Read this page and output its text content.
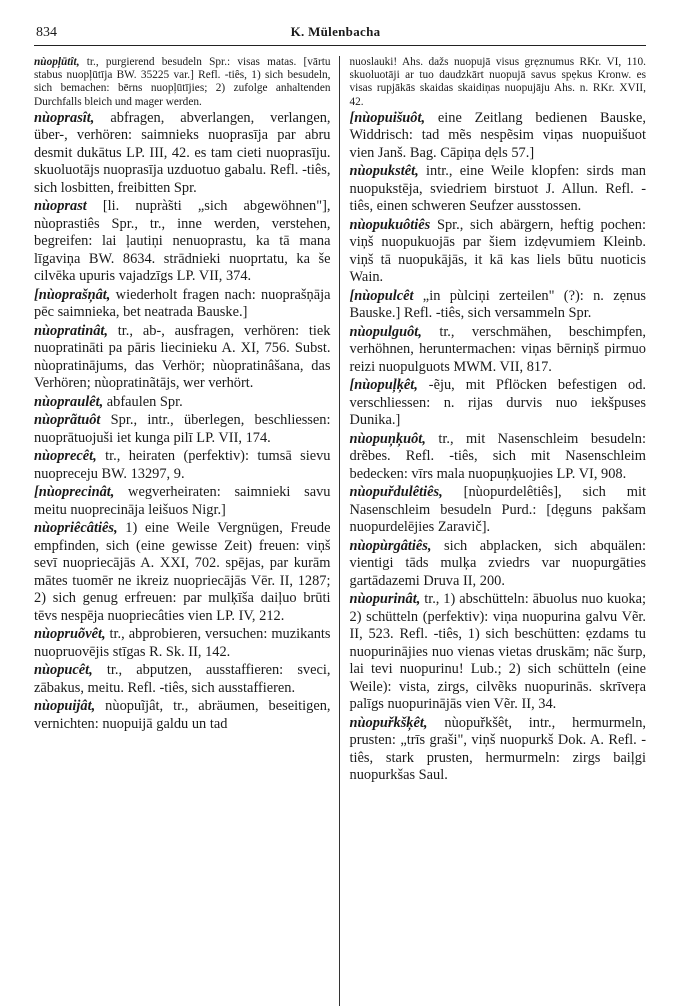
834	K. Mülenbacha

nùopļūtît, tr., purgierend besudeln Spr.: visas matas. [vārtu stabus nuopļūtīja BW. 35225 var.] Refl. -tiês, 1) sich besudeln, sich bemachen: bērns nuopļūtījies; 2) zufolge anhaltenden Durchfalls bleich und mager werden.

nùoprasît, abfragen, abverlangen, verlangen, über-, verhören: saimnieks nuoprasīja par abru desmit dukātus LP. III, 42. es tam cieti nuoprasīju. skuoluotājs nuoprasīja uzduotuo gabalu. Refl. -tiês, sich losbitten, freibitten Spr.

nùoprast [li. nuprà̃sti „sich abgewöhnen"], nùoprastiês Spr., tr., inne werden, verstehen, begreifen: lai ļautiņi nenuoprastu, ka tā mana līgaviņa BW. 8634. strādnieki nuoprtatu, ka še cilvēka upuris vajadzīgs LP. VII, 374.

[nùoprašņât, wiederholt fragen nach: nuoprašņāja pēc saimnieka, bet neatrada Bauske.]

nùopratinât, tr., ab-, ausfragen, verhören: tiek nuopratināti pa pāris liecinieku A. XI, 756. Subst. nùopratinājums, das Verhör; nùopratinâšana, das Verhören; nùopratinãtājs, wer verhört.

nùopraulêt, abfaulen Spr.

nùoprãtuôt Spr., intr., überlegen, beschliessen: nuoprātuojuši iet kunga pilī LP. VII, 174.

nùoprecêt, tr., heiraten (perfektiv): tumsā sievu nuopreceju BW. 13297, 9.

[nùoprecinât, wegverheiraten: saimnieki savu meitu nuoprecināja leišuos Nigr.]

nùopriêcâtiês, 1) eine Weile Vergnügen, Freude empfinden, sich (eine gewisse Zeit) freuen: viņš sevī nuopriecājās A. XXI, 702. spējas, par kurām mātes tuomēr ne ikreiz nuopriecājās Vēr. II, 1287; 2) sich genug erfreuen: par mulķīša daiļuo brūti tēvs nespēja nuopriecâties vien LP. IV, 212.

nùopruõvêt, tr., abprobieren, versuchen: muzikants nuopruovējis stīgas R. Sk. II, 142.

nùopucêt, tr., abputzen, ausstaffieren: sveci, zābakus, meitu. Refl. -tiês, sich ausstaffieren.

nùopuijât, nùopuĩjât, tr., abräumen, beseitigen, vernichten: nuopuijā galdu un tad

nuoslauki! Ahs. dažs nuopujā visus grẹznumus RKr. VI, 110. skuoluotāji ar tuo daudzkārt nuopujā savus spẹkus Kronw. es visas rupjākās skaidas skaidiņas nuopujāju Ahs. n. RKr. XVII, 42.

[nùopuišuôt, eine Zeitlang bedienen Bauske, Widdrisch: tad mẽs nespẽsim viņas nuopuišuot vien Janš. Bag. Cāpiņa dẹls 57.]

nùopukstêt, intr., eine Weile klopfen: sirds man nuopukstēja, sviedriem birstuot J. Allun. Refl. -tiês, einen schweren Seufzer ausstossen.

nùopukuôtiês Spr., sich abärgern, heftig pochen: viņš nuopukuojās par šiem izdẹvumiem Kleinb. viņš tā nuopukājās, it kā kas liels būtu nuoticis Wain.

[nùopulcêt „in pùlciņi zerteilen" (?): n. zẹnus Bauske.] Refl. -tiês, sich versammeln Spr.

nùopulguôt, tr., verschmähen, beschimpfen, verhöhnen, heruntermachen: viņas bērniņš pirmuo reizi nuopulguots MWM. VII, 817.

[nùopuļķêt, -ẽju, mit Pflöcken befestigen od. verschliessen: n. rijas durvis nuo iekšpuses Dunika.]

nùopuņķuôt, tr., mit Nasenschleim besudeln: drẽbes. Refl. -tiês, sich mit Nasenschleim bedecken: vīrs mala nuopuņķuojies LP. VI, 908.

nùopuřdulêtiês, [nùopurdelêtiês], sich mit Nasenschleim besudeln Purd.: [dẹguns pakšam nuopurdelējies Zaravič].

nùopùrgâtiês, sich abplacken, sich abquälen: vientigi tāds mulķa zviedrs var nuopurgāties gartādazemi Druva II, 200.

nùopurinât, tr., 1) abschütteln: ābuolus nuo kuoka; 2) schütteln (perfektiv): viņa nuopurina galvu Vẽr. II, 523. Refl. -tiês, 1) sich beschütten: ẹzdams tu nuopurinājies nuo vienas vietas druskām; nāc šurp, lai tevi nuopurinu! Lub.; 2) sich schütteln (eine Weile): vista, zirgs, cilvẽks nuopurinās. skrīveŗa palīgs nuopurinājās vien Vẽr. II, 34.

nùopuřkšķêt, nùopuřkšêt, intr., hermurmeln, prusten: „trīs graši", viņš nuopurkš Dok. A. Refl. -tiês, stark prusten, hermurmeln: zirgs baiļgi nuopurkšas Saul.
